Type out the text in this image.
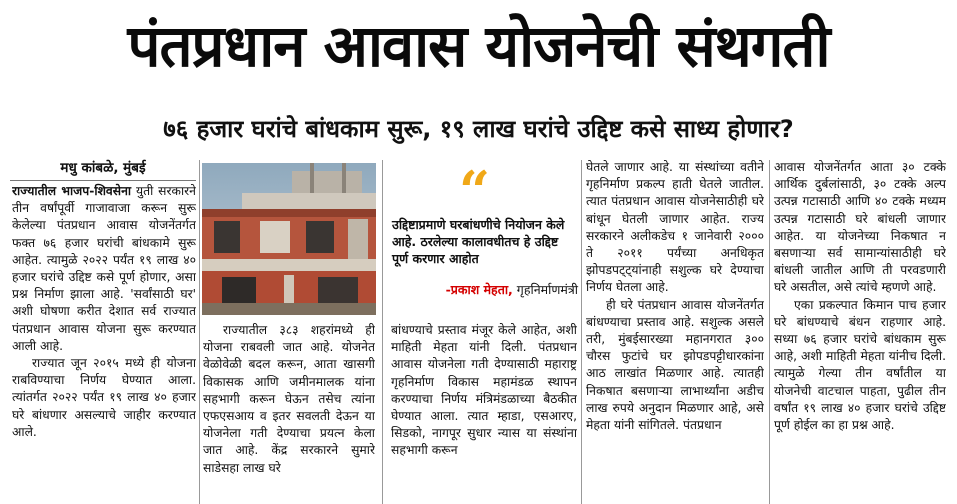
पंतप्रधान आवास योजनेची संथगती
७६ हजार घरांचे बांधकाम सुरू, १९ लाख घरांचे उद्दिष्ट कसे साध्य होणार?
मधु कांबळे, मुंबई

राज्यातील भाजप-शिवसेना युती सरकारने तीन वर्षांपूर्वी गाजावाजा करून सुरू केलेल्या पंतप्रधान आवास योजनेंतर्गत फक्त ७६ हजार घरांची बांधकामे सुरू आहेत. त्यामुळे २०२२ पर्यंत १९ लाख ४० हजार घरांचे उद्दिष्ट कसे पूर्ण होणार, असा प्रश्न निर्माण झाला आहे. 'सर्वांसाठी घर' अशी घोषणा करीत देशात सर्व राज्यात पंतप्रधान आवास योजना सुरू करण्यात आली आहे.

राज्यात जून २०१५ मध्ये ही योजना राबविण्याचा निर्णय घेण्यात आला. त्यांतर्गत २०२२ पर्यंत १९ लाख ४० हजार घरे बांधणार असल्याचे जाहीर करण्यात आले.

राज्यातील ३८३ शहरांमध्ये ही योजना राबवली जात आहे. योजनेत वेळोवेळी बदल करून, आता खासगी विकासक आणि जमीनमालक यांना सहभागी करून घेऊन तसेच त्यांना एफएसआय व इतर सवलती देऊन या योजनेला गती देण्याचा प्रयत्न केला जात आहे. केंद्र सरकारने सुमारे साडेसहा लाख घरे

“
उद्दिष्टाप्रमाणे घरबांधणीचे नियोजन केले आहे. ठरलेल्या कालावधीतच हे उद्दिष्ट पूर्ण करणार आहोत
-प्रकाश मेहता, गृहनिर्माणमंत्री

बांधण्याचे प्रस्ताव मंजूर केले आहेत, अशी माहिती मेहता यांनी दिली. पंतप्रधान आवास योजनेला गती देण्यासाठी महाराष्ट्र गृहनिर्माण विकास महामंडळ स्थापन करण्याचा निर्णय मंत्रिमंडळाच्या बैठकीत घेण्यात आला. त्यात म्हाडा, एसआरए, सिडको, नागपूर सुधार न्यास या संस्थांना सहभागी करून

घेतले जाणार आहे. या संस्थांच्या वतीने गृहनिर्माण प्रकल्प हाती घेतले जातील. त्यात पंतप्रधान आवास योजनेसाठीही घरे बांधून घेतली जाणार आहेत. राज्य सरकारने अलीकडेच १ जानेवारी २००० ते २०११ पर्यंच्या अनधिकृत झोपडपट्ट्यांनाही सशुल्क घरे देण्याचा निर्णय घेतला आहे.

ही घरे पंतप्रधान आवास योजनेंतर्गत बांधण्याचा प्रस्ताव आहे. सशुल्क असले तरी, मुंबईसारख्या महानगरात ३०० चौरस फुटांचे घर झोपडपट्टीधारकांना आठ लाखांत मिळणार आहे. त्यातही निकषात बसणाऱ्या लाभार्थ्यांना अडीच लाख रुपये अनुदान मिळणार आहे, असे मेहता यांनी सांगितले. पंतप्रधान

आवास योजनेंतर्गत आता ३० टक्के आर्थिक दुर्बलांसाठी, ३० टक्के अल्प उत्पन्न गटासाठी आणि ४० टक्के मध्यम उत्पन्न गटासाठी घरे बांधली जाणार आहेत. या योजनेच्या निकषात न बसणाऱ्या सर्व सामान्यांसाठीही घरे बांधली जातील आणि ती परवडणारी घरे असतील, असे त्यांचे म्हणणे आहे.

एका प्रकल्पात किमान पाच हजार घरे बांधण्याचे बंधन राहणार आहे. सध्या ७६ हजार घरांचे बांधकाम सुरू आहे, अशी माहिती मेहता यांनीच दिली. त्यामुळे गेल्या तीन वर्षांतील या योजनेची वाटचाल पाहता, पुढील तीन वर्षांत १९ लाख ४० हजार घरांचे उद्दिष्ट पूर्ण होईल का हा प्रश्न आहे.
